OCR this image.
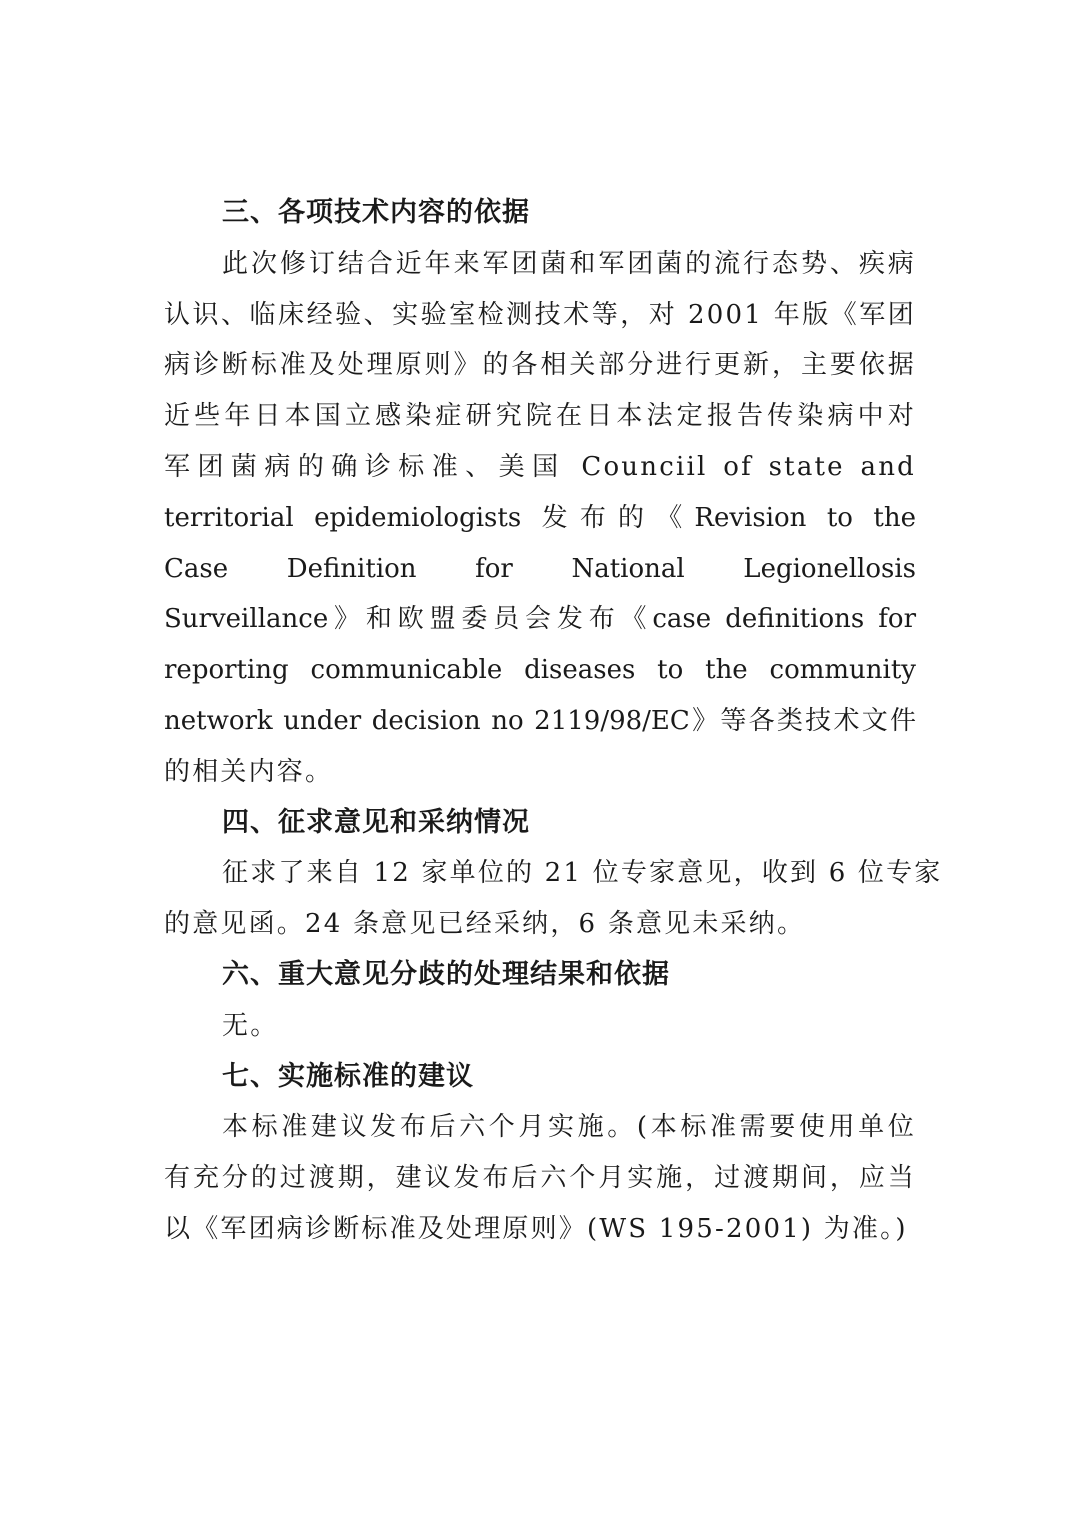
三、各项技术内容的依据
此次修订结合近年来军团菌和军团菌的流行态势、疾病
认识、临床经验、实验室检测技术等，对 2001 年版《军团
病诊断标准及处理原则》的各相关部分进行更新，主要依据
近些年日本国立感染症研究院在日本法定报告传染病中对
军团菌病的确诊标准、美国 Counciil of state and
territorial epidemiologists 发布的《Revision to the
Case Definition for National Legionellosis
Surveillance》和欧盟委员会发布《case definitions for
reporting communicable diseases to the community
network under decision no 2119/98/EC》等各类技术文件
的相关内容。
四、征求意见和采纳情况
征求了来自 12 家单位的 21 位专家意见，收到 6 位专家
的意见函。24 条意见已经采纳，6 条意见未采纳。
六、重大意见分歧的处理结果和依据
无。
七、实施标准的建议
本标准建议发布后六个月实施。(本标准需要使用单位
有充分的过渡期，建议发布后六个月实施，过渡期间，应当
以《军团病诊断标准及处理原则》(WS 195-2001) 为准。)
